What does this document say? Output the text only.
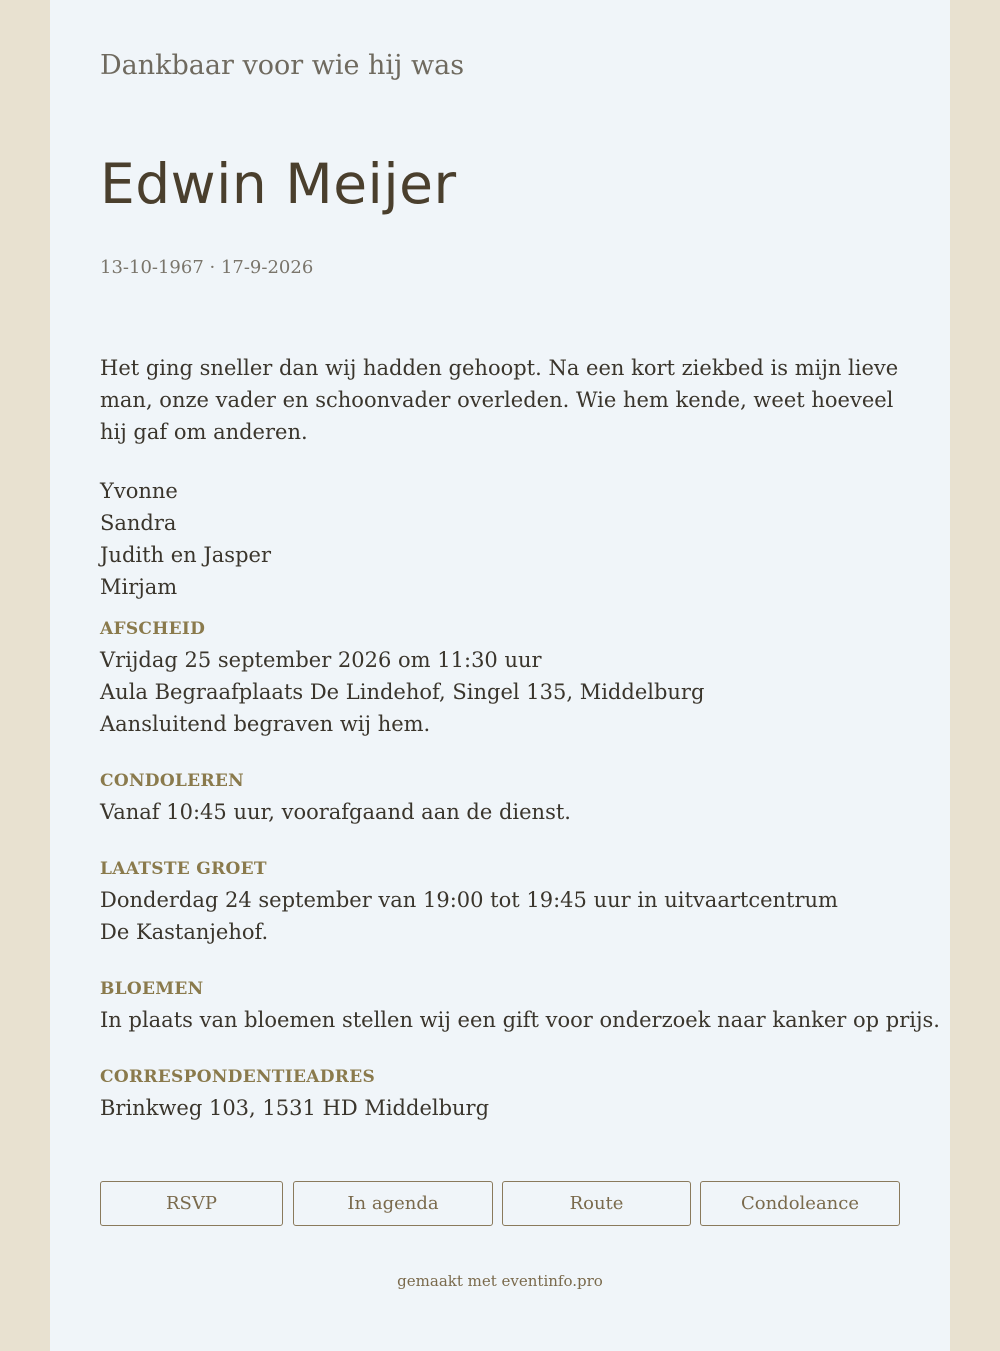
Dankbaar voor wie hij was
Edwin Meijer
13-10-1967 · 17-9-2026

Het ging sneller dan wij hadden gehoopt. Na een kort ziekbed is mijn lieve man, onze vader en schoonvader overleden. Wie hem kende, weet hoeveel hij gaf om anderen.

Yvonne
Sandra
Judith en Jasper
Mirjam
AFSCHEID
Vrijdag 25 september 2026 om 11:30 uur
Aula Begraafplaats De Lindehof, Singel 135, Middelburg
Aansluitend begraven wij hem.
CONDOLEREN
Vanaf 10:45 uur, voorafgaand aan de dienst.
LAATSTE GROET
Donderdag 24 september van 19:00 tot 19:45 uur in uitvaartcentrum De Kastanjehof.
BLOEMEN
In plaats van bloemen stellen wij een gift voor onderzoek naar kanker op prijs.
CORRESPONDENTIEADRES
Brinkweg 103, 1531 HD Middelburg
RSVP	In agenda	Route	Condoleance
gemaakt met eventinfo.pro
